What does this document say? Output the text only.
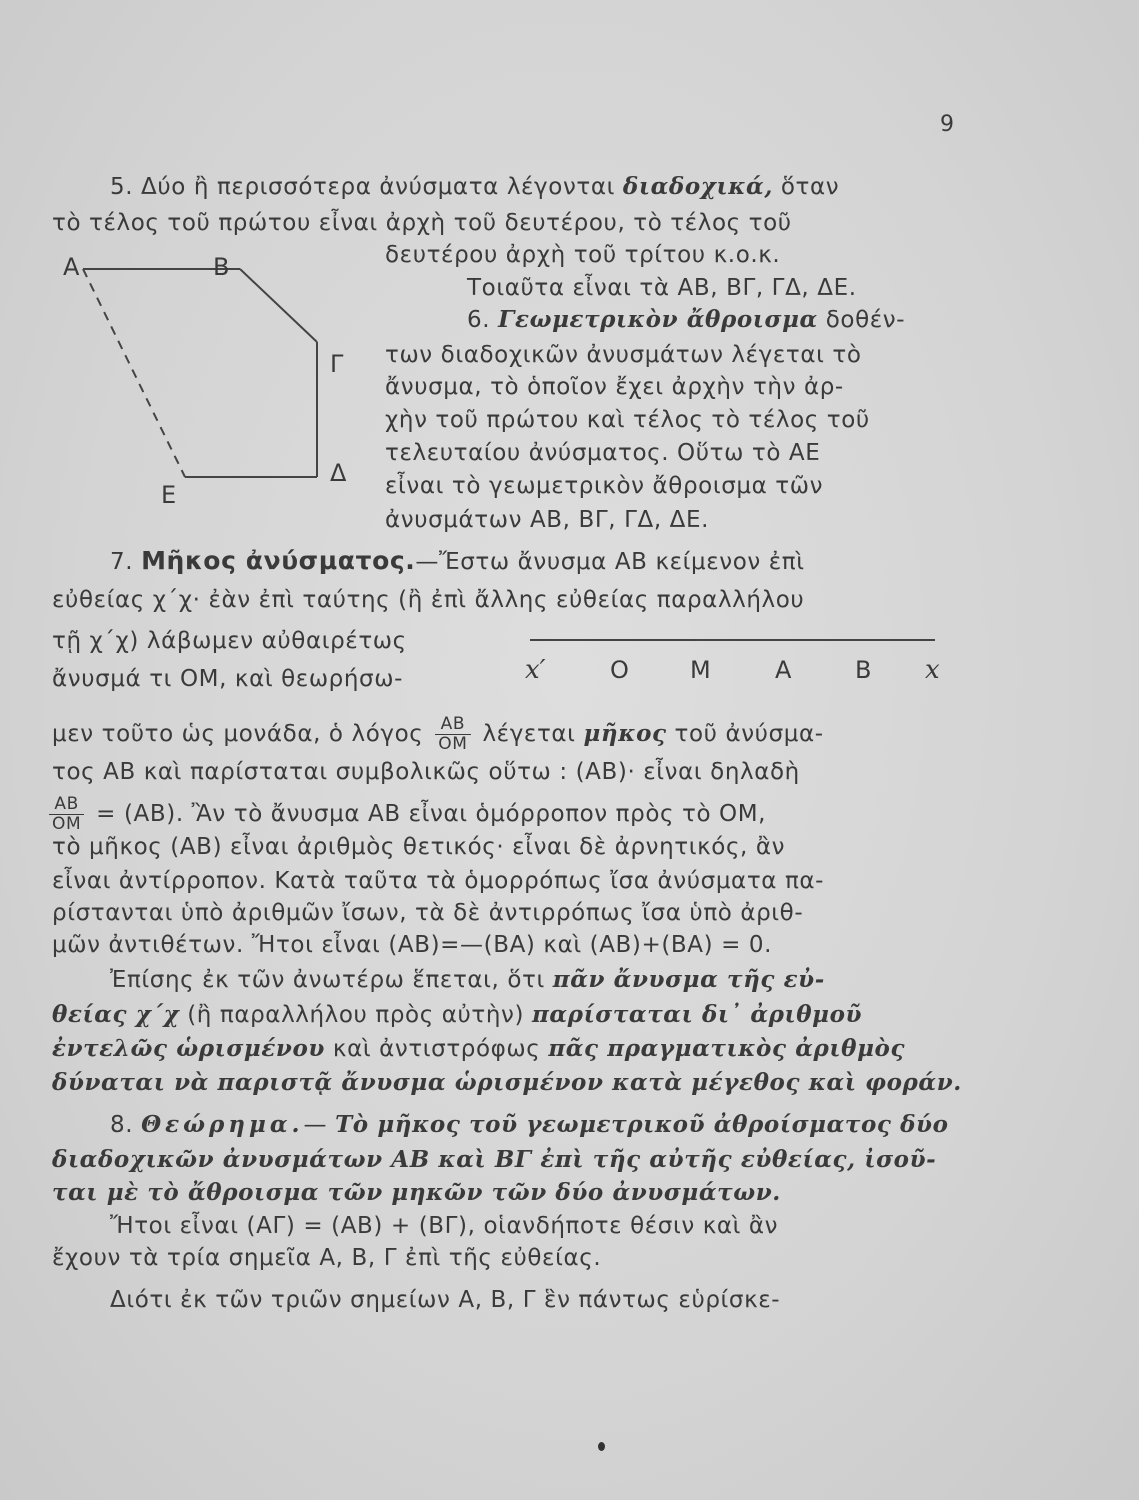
9
A	B
Γ
Δ
E
x′	O	M	A	B x
5. Δύο ἢ περισσότερα ἀνύσματα λέγονται διαδοχικά, ὅταν
τὸ τέλος τοῦ πρώτου εἶναι ἀρχὴ τοῦ δευτέρου, τὸ τέλος τοῦ
δευτέρου ἀρχὴ τοῦ τρίτου κ.ο.κ.
Τοιαῦτα εἶναι τὰ AB, BΓ, ΓΔ, ΔΕ.
6. Γεωμετρικὸν ἄθροισμα δοθέν-
των διαδοχικῶν ἀνυσμάτων λέγεται τὸ
ἄνυσμα, τὸ ὁποῖον ἔχει ἀρχὴν τὴν ἀρ-
χὴν τοῦ πρώτου καὶ τέλος τὸ τέλος τοῦ
τελευταίου ἀνύσματος. Οὕτω τὸ ΑΕ
εἶναι τὸ γεωμετρικὸν ἄθροισμα τῶν
ἀνυσμάτων AB, BΓ, ΓΔ, ΔΕ.
7. Μῆκος ἀνύσματος.—Ἔστω ἄνυσμα AB κείμενον ἐπὶ
εὐθείας χ΄χ· ἐὰν ἐπὶ ταύτης (ἢ ἐπὶ ἄλλης εὐθείας παραλλήλου
τῇ χ΄χ) λάβωμεν αὐθαιρέτως
ἄνυσμά τι OM, καὶ θεωρήσω-
μεν τοῦτο ὡς μονάδα, ὁ λόγος $\frac{AB}{OM}$ λέγεται μῆκος τοῦ ἀνύσμα-
τος AB καὶ παρίσταται συμβολικῶς οὕτω : (AB)· εἶναι δηλαδὴ
$\frac{AB}{OM} = (AB)$. Ἂν τὸ ἄνυσμα AB εἶναι ὁμόρροπον πρὸς τὸ OM,
τὸ μῆκος (AB) εἶναι ἀριθμὸς θετικός· εἶναι δὲ ἀρνητικός, ἂν
εἶναι ἀντίρροπον. Κατὰ ταῦτα τὰ ὁμορρόπως ἴσα ἀνύσματα πα-
ρίστανται ὑπὸ ἀριθμῶν ἴσων, τὰ δὲ ἀντιρρόπως ἴσα ὑπὸ ἀριθ-
μῶν ἀντιθέτων. Ἤτοι εἶναι (AB)=—(BA) καὶ (AB)+(BA) = 0.
Ἐπίσης ἐκ τῶν ἀνωτέρω ἕπεται, ὅτι πᾶν ἄνυσμα τῆς εὐ-
θείας χ΄χ (ἢ παραλλήλου πρὸς αὐτὴν) παρίσταται δι᾽ ἀριθμοῦ
ἐντελῶς ὡρισμένου καὶ ἀντιστρόφως πᾶς πραγματικὸς ἀριθμὸς
δύναται νὰ παριστᾷ ἄνυσμα ὡρισμένον κατὰ μέγεθος καὶ φοράν.
8. Θεώρημα.— Τὸ μῆκος τοῦ γεωμετρικοῦ ἀθροίσματος δύο
διαδοχικῶν ἀνυσμάτων AB καὶ BΓ ἐπὶ τῆς αὐτῆς εὐθείας, ἰσοῦ-
ται μὲ τὸ ἄθροισμα τῶν μηκῶν τῶν δύο ἀνυσμάτων.
Ἤτοι εἶναι (ΑΓ) = (AB) + (BΓ), οἱανδήποτε θέσιν καὶ ἂν
ἔχουν τὰ τρία σημεῖα A, B, Γ ἐπὶ τῆς εὐθείας.
Διότι ἐκ τῶν τριῶν σημείων A, B, Γ ἓν πάντως εὑρίσκε-
